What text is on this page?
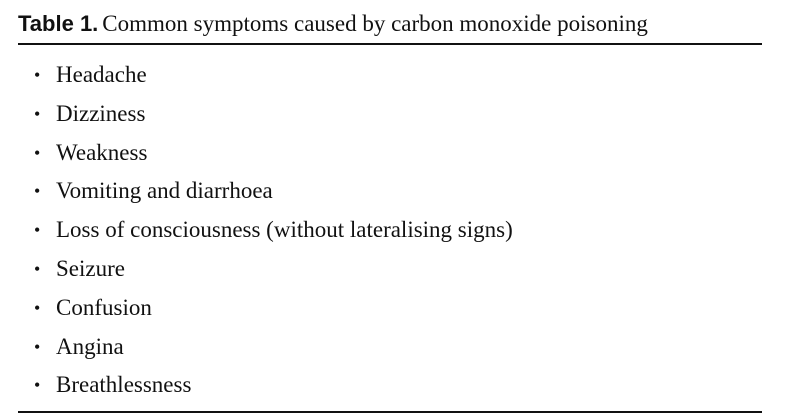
Table 1. Common symptoms caused by carbon monoxide poisoning
• Headache
• Dizziness
• Weakness
• Vomiting and diarrhoea
• Loss of consciousness (without lateralising signs)
• Seizure
• Confusion
• Angina
• Breathlessness
